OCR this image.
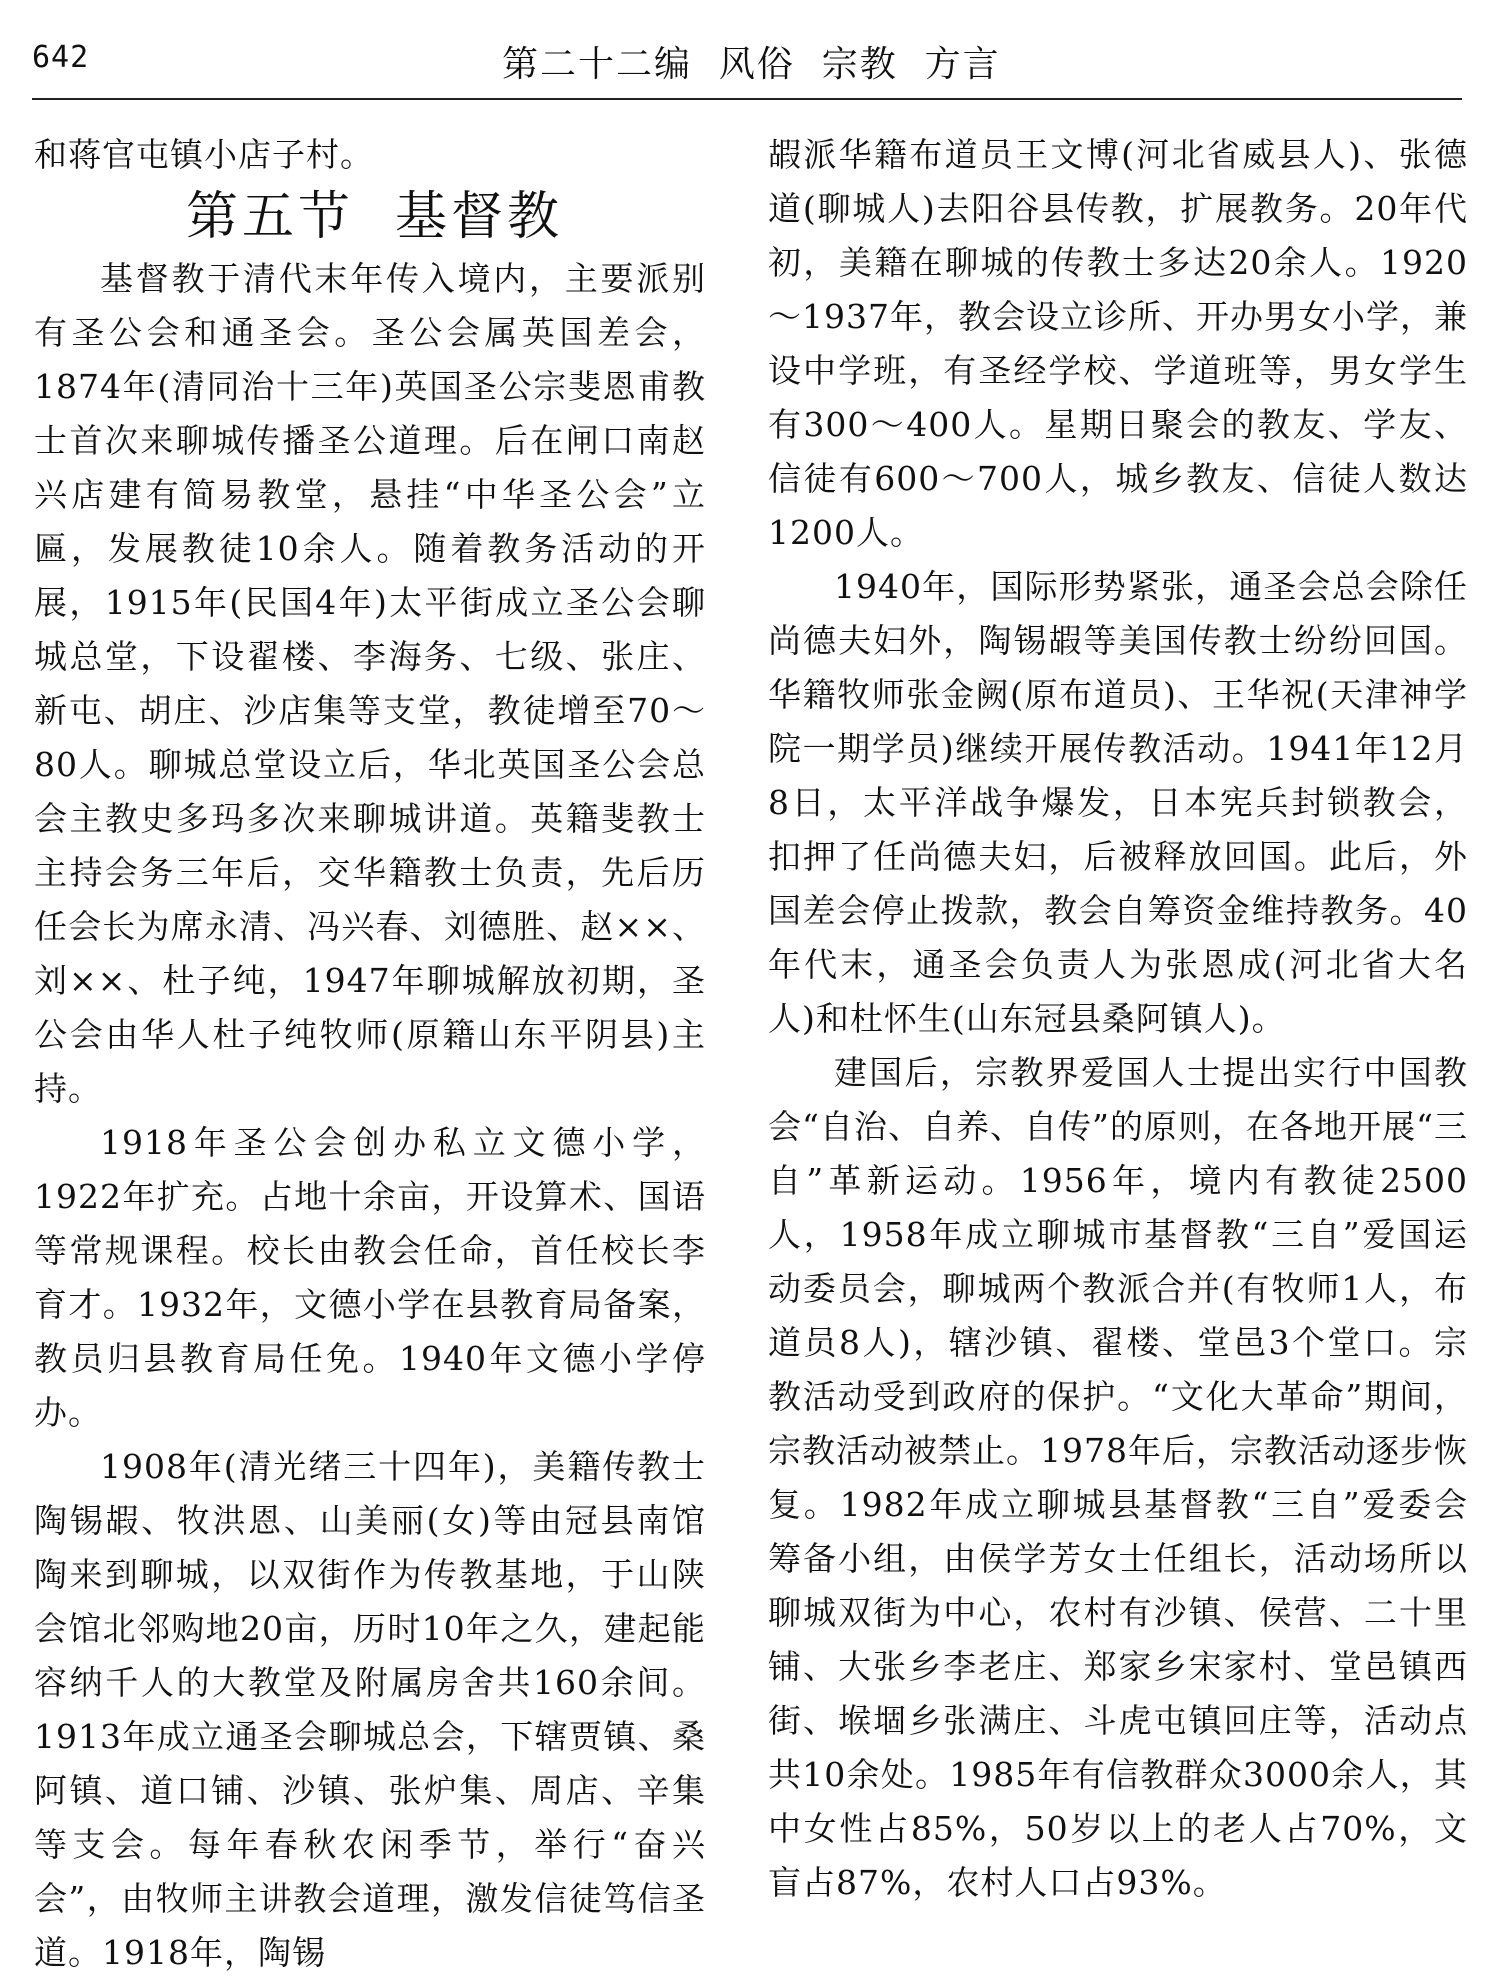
642	第二十二编  风俗  宗教  方言

和蒋官屯镇小店子村。

第五节  基督教

基督教于清代末年传入境内，主要派别有圣公会和通圣会。圣公会属英国差会，1874年(清同治十三年)英国圣公宗斐恩甫教士首次来聊城传播圣公道理。后在闸口南赵兴店建有简易教堂，悬挂“中华圣公会”立匾，发展教徒10余人。随着教务活动的开展，1915年(民国4年)太平街成立圣公会聊城总堂，下设翟楼、李海务、七级、张庄、新屯、胡庄、沙店集等支堂，教徒增至70～80人。聊城总堂设立后，华北英国圣公会总会主教史多玛多次来聊城讲道。英籍斐教士主持会务三年后，交华籍教士负责，先后历任会长为席永清、冯兴春、刘德胜、赵××、刘××、杜子纯，1947年聊城解放初期，圣公会由华人杜子纯牧师(原籍山东平阴县)主持。

1918年圣公会创办私立文德小学，1922年扩充。占地十余亩，开设算术、国语等常规课程。校长由教会任命，首任校长李育才。1932年，文德小学在县教育局备案，教员归县教育局任免。1940年文德小学停办。

1908年(清光绪三十四年)，美籍传教士陶锡嘏、牧洪恩、山美丽(女)等由冠县南馆陶来到聊城，以双街作为传教基地，于山陕会馆北邻购地20亩，历时10年之久，建起能容纳千人的大教堂及附属房舍共160余间。1913年成立通圣会聊城总会，下辖贾镇、桑阿镇、道口铺、沙镇、张炉集、周店、辛集等支会。每年春秋农闲季节，举行“奋兴会”，由牧师主讲教会道理，激发信徒笃信圣道。1918年，陶锡

嘏派华籍布道员王文博(河北省威县人)、张德道(聊城人)去阳谷县传教，扩展教务。20年代初，美籍在聊城的传教士多达20余人。1920～1937年，教会设立诊所、开办男女小学，兼设中学班，有圣经学校、学道班等，男女学生有300～400人。星期日聚会的教友、学友、信徒有600～700人，城乡教友、信徒人数达1200人。

1940年，国际形势紧张，通圣会总会除任尚德夫妇外，陶锡嘏等美国传教士纷纷回国。华籍牧师张金阙(原布道员)、王华祝(天津神学院一期学员)继续开展传教活动。1941年12月8日，太平洋战争爆发，日本宪兵封锁教会，扣押了任尚德夫妇，后被释放回国。此后，外国差会停止拨款，教会自筹资金维持教务。40年代末，通圣会负责人为张恩成(河北省大名人)和杜怀生(山东冠县桑阿镇人)。

建国后，宗教界爱国人士提出实行中国教会“自治、自养、自传”的原则，在各地开展“三自”革新运动。1956年，境内有教徒2500人，1958年成立聊城市基督教“三自”爱国运动委员会，聊城两个教派合并(有牧师1人，布道员8人)，辖沙镇、翟楼、堂邑3个堂口。宗教活动受到政府的保护。“文化大革命”期间，宗教活动被禁止。1978年后，宗教活动逐步恢复。1982年成立聊城县基督教“三自”爱委会筹备小组，由侯学芳女士任组长，活动场所以聊城双街为中心，农村有沙镇、侯营、二十里铺、大张乡李老庄、郑家乡宋家村、堂邑镇西街、堠堌乡张满庄、斗虎屯镇回庄等，活动点共10余处。1985年有信教群众3000余人，其中女性占85%，50岁以上的老人占70%，文盲占87%，农村人口占93%。
